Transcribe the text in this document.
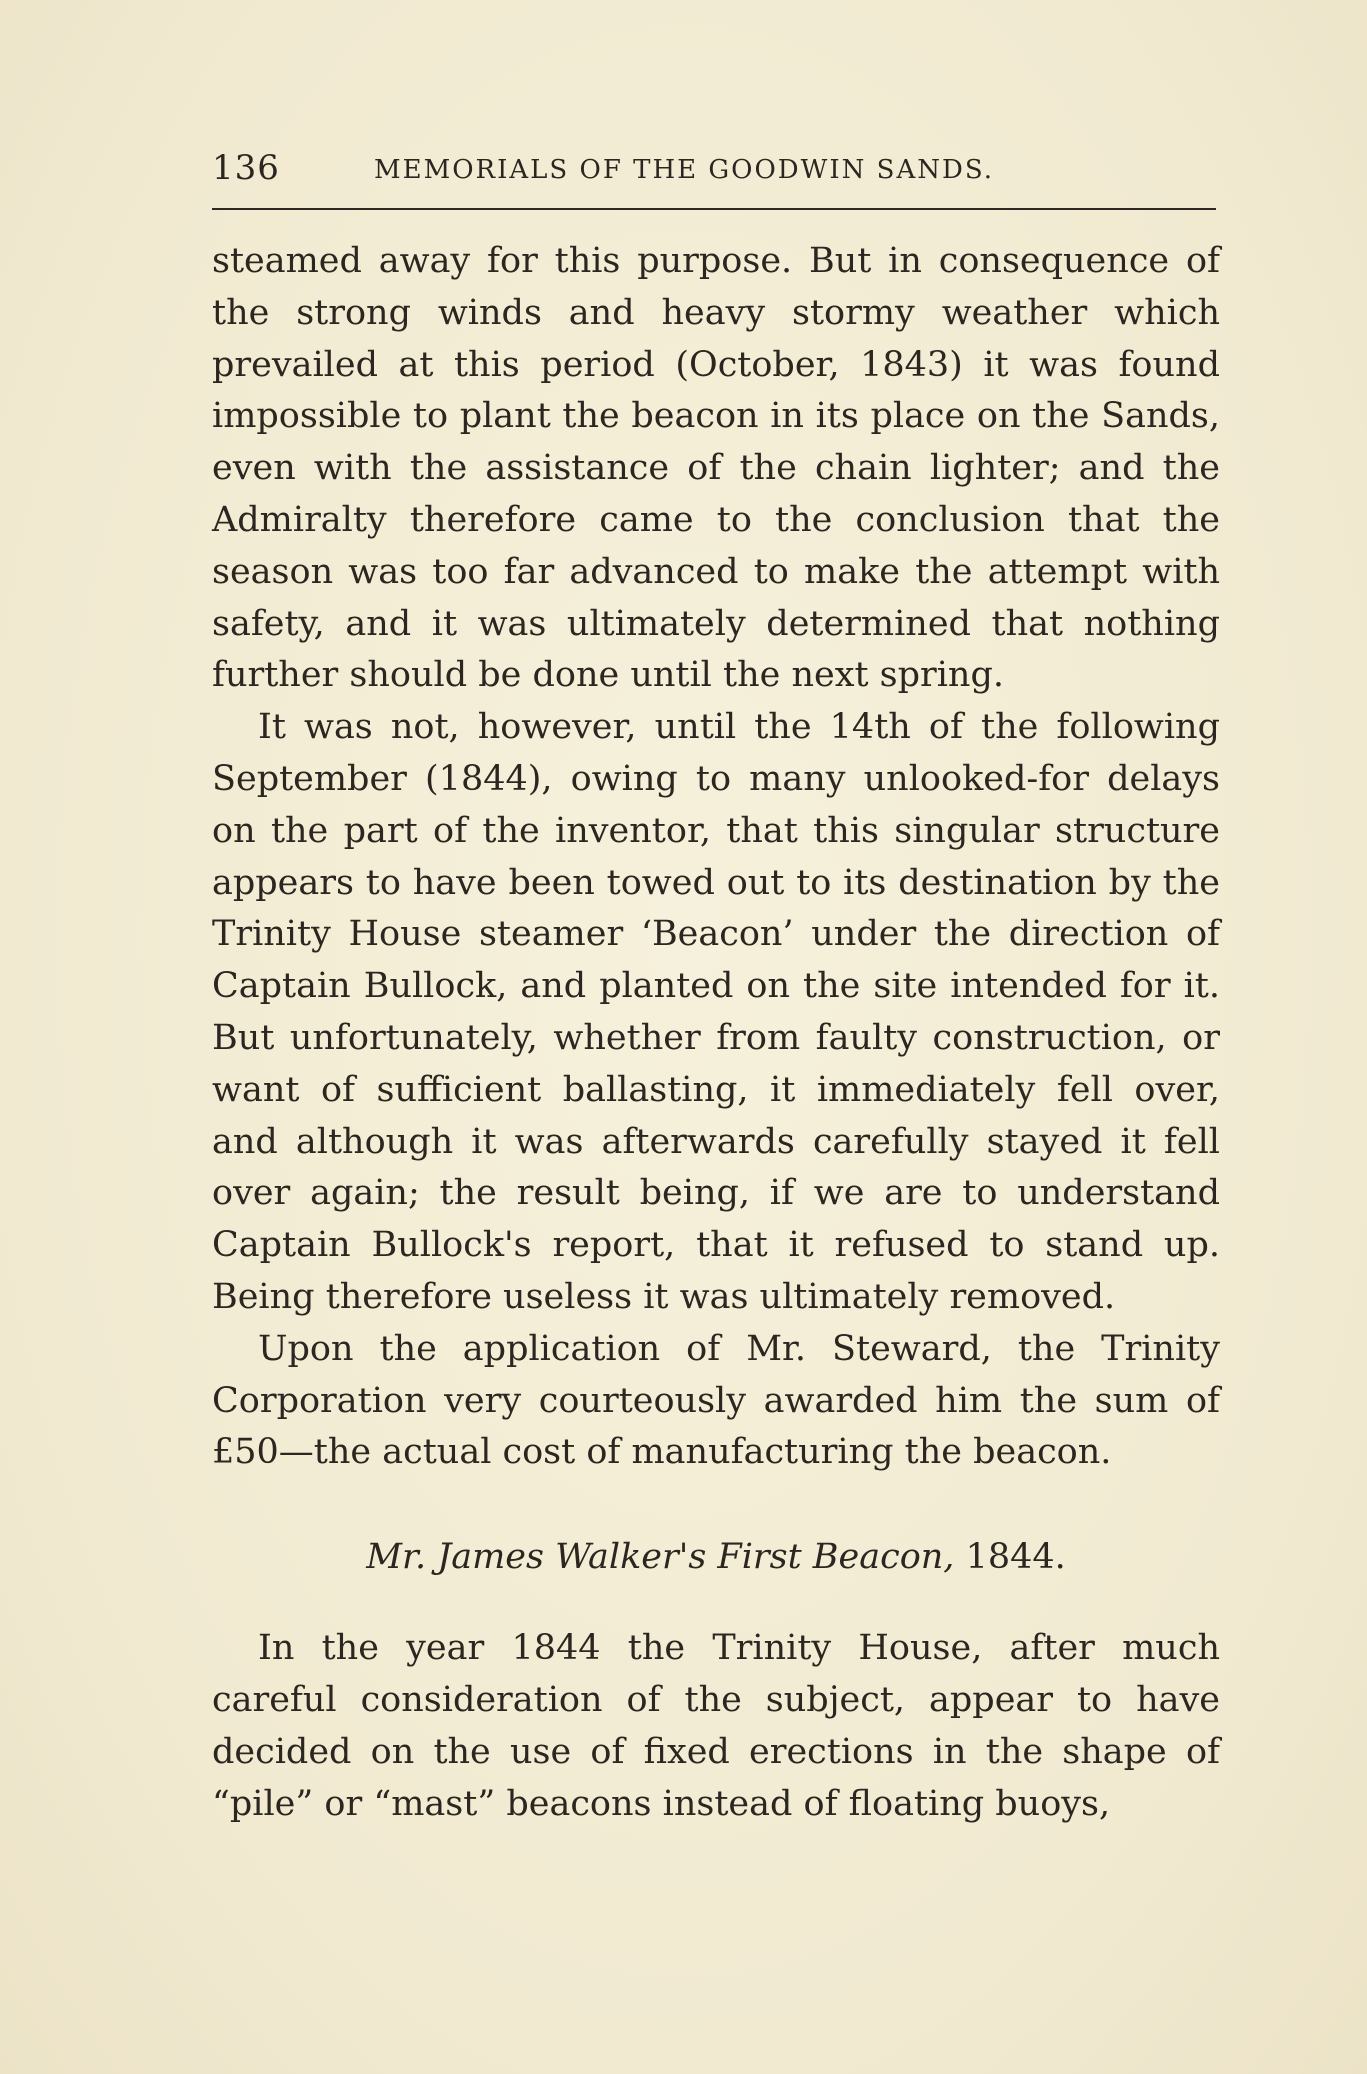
136	MEMORIALS OF THE GOODWIN SANDS.

steamed away for this purpose. But in consequence of the strong winds and heavy stormy weather which prevailed at this period (October, 1843) it was found impossible to plant the beacon in its place on the Sands, even with the assistance of the chain lighter; and the Admiralty therefore came to the conclusion that the season was too far advanced to make the attempt with safety, and it was ultimately determined that nothing further should be done until the next spring.

It was not, however, until the 14th of the following September (1844), owing to many unlooked-for delays on the part of the inventor, that this singular structure appears to have been towed out to its destination by the Trinity House steamer ‘Beacon’ under the direction of Captain Bullock, and planted on the site intended for it. But unfortunately, whether from faulty construction, or want of sufficient ballasting, it immediately fell over, and although it was afterwards carefully stayed it fell over again; the result being, if we are to understand Captain Bullock's report, that it refused to stand up. Being therefore useless it was ultimately removed.

Upon the application of Mr. Steward, the Trinity Corporation very courteously awarded him the sum of £50—the actual cost of manufacturing the beacon.

Mr. James Walker's First Beacon, 1844.

In the year 1844 the Trinity House, after much careful consideration of the subject, appear to have decided on the use of fixed erections in the shape of “pile” or “mast” beacons instead of floating buoys,
